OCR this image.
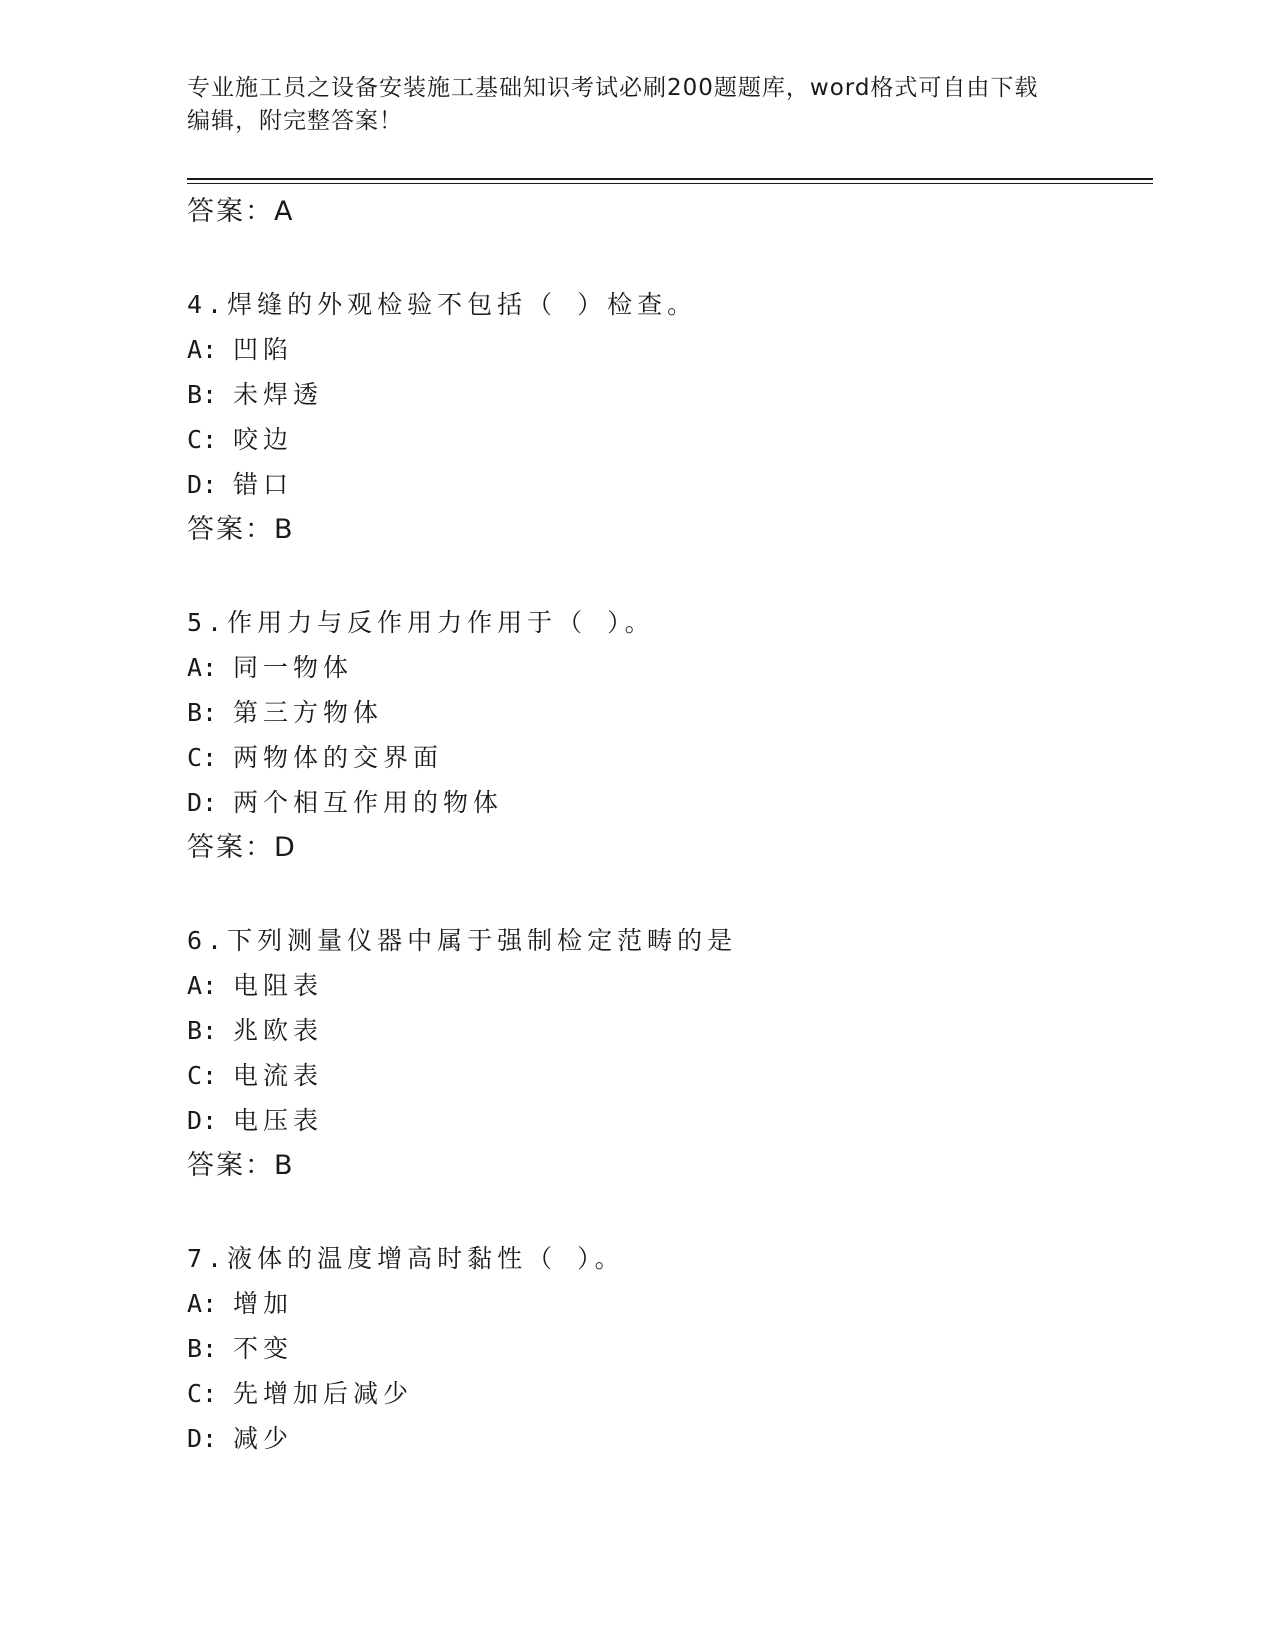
专业施工员之设备安装施工基础知识考试必刷200题题库，word格式可自由下载
编辑，附完整答案！
答案：A
4.焊缝的外观检验不包括（ ）检查。
A: 凹陷
B: 未焊透
C: 咬边
D: 错口
答案：B
5.作用力与反作用力作用于（ ）。
A: 同一物体
B: 第三方物体
C: 两物体的交界面
D: 两个相互作用的物体
答案：D
6.下列测量仪器中属于强制检定范畴的是
A: 电阻表
B: 兆欧表
C: 电流表
D: 电压表
答案：B
7.液体的温度增高时黏性（ ）。
A: 增加
B: 不变
C: 先增加后减少
D: 减少
